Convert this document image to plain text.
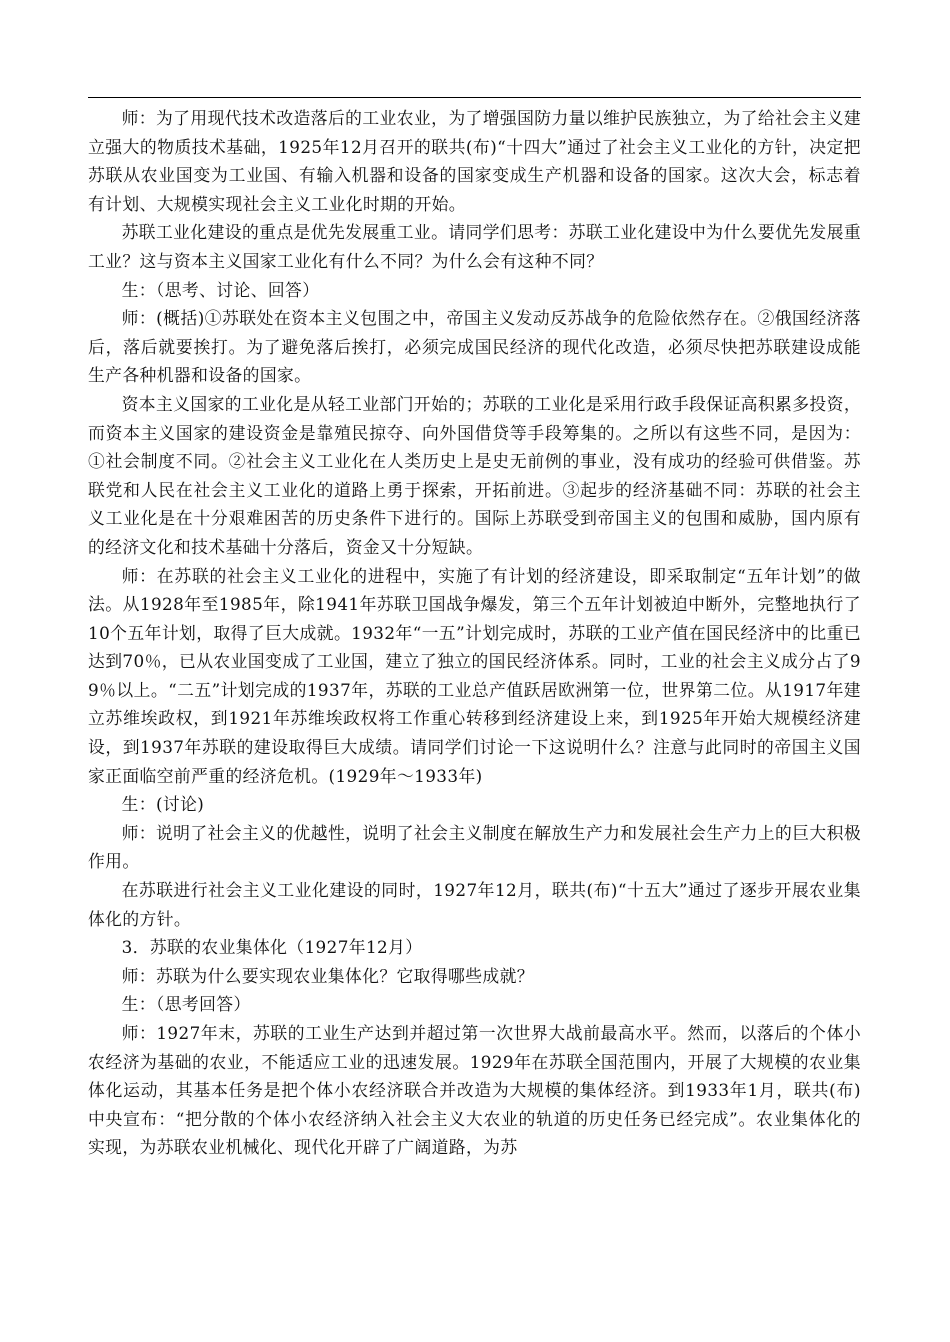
师：为了用现代技术改造落后的工业农业，为了增强国防力量以维护民族独立，为了给社会主义建立强大的物质技术基础，1925年12月召开的联共(布)“十四大”通过了社会主义工业化的方针，决定把苏联从农业国变为工业国、有输入机器和设备的国家变成生产机器和设备的国家。这次大会，标志着有计划、大规模实现社会主义工业化时期的开始。

苏联工业化建设的重点是优先发展重工业。请同学们思考：苏联工业化建设中为什么要优先发展重工业？这与资本主义国家工业化有什么不同？为什么会有这种不同？

生：（思考、讨论、回答）

师：(概括)①苏联处在资本主义包围之中，帝国主义发动反苏战争的危险依然存在。②俄国经济落后，落后就要挨打。为了避免落后挨打，必须完成国民经济的现代化改造，必须尽快把苏联建设成能生产各种机器和设备的国家。

资本主义国家的工业化是从轻工业部门开始的；苏联的工业化是采用行政手段保证高积累多投资，而资本主义国家的建设资金是靠殖民掠夺、向外国借贷等手段筹集的。之所以有这些不同，是因为：①社会制度不同。②社会主义工业化在人类历史上是史无前例的事业，没有成功的经验可供借鉴。苏联党和人民在社会主义工业化的道路上勇于探索，开拓前进。③起步的经济基础不同：苏联的社会主义工业化是在十分艰难困苦的历史条件下进行的。国际上苏联受到帝国主义的包围和威胁，国内原有的经济文化和技术基础十分落后，资金又十分短缺。

师：在苏联的社会主义工业化的进程中，实施了有计划的经济建设，即采取制定“五年计划”的做法。从1928年至1985年，除1941年苏联卫国战争爆发，第三个五年计划被迫中断外，完整地执行了10个五年计划，取得了巨大成就。1932年“一五”计划完成时，苏联的工业产值在国民经济中的比重已达到70％，已从农业国变成了工业国，建立了独立的国民经济体系。同时，工业的社会主义成分占了99％以上。“二五”计划完成的1937年，苏联的工业总产值跃居欧洲第一位，世界第二位。从1917年建立苏维埃政权，到1921年苏维埃政权将工作重心转移到经济建设上来，到1925年开始大规模经济建设，到1937年苏联的建设取得巨大成绩。请同学们讨论一下这说明什么？注意与此同时的帝国主义国家正面临空前严重的经济危机。(1929年～1933年)

生：(讨论)

师：说明了社会主义的优越性，说明了社会主义制度在解放生产力和发展社会生产力上的巨大积极作用。

在苏联进行社会主义工业化建设的同时，1927年12月，联共(布)“十五大”通过了逐步开展农业集体化的方针。

3．苏联的农业集体化（1927年12月）

师：苏联为什么要实现农业集体化？它取得哪些成就？

生：（思考回答）

师：1927年末，苏联的工业生产达到并超过第一次世界大战前最高水平。然而，以落后的个体小农经济为基础的农业，不能适应工业的迅速发展。1929年在苏联全国范围内，开展了大规模的农业集体化运动，其基本任务是把个体小农经济联合并改造为大规模的集体经济。到1933年1月，联共(布)中央宣布：“把分散的个体小农经济纳入社会主义大农业的轨道的历史任务已经完成”。农业集体化的实现，为苏联农业机械化、现代化开辟了广阔道路，为苏
